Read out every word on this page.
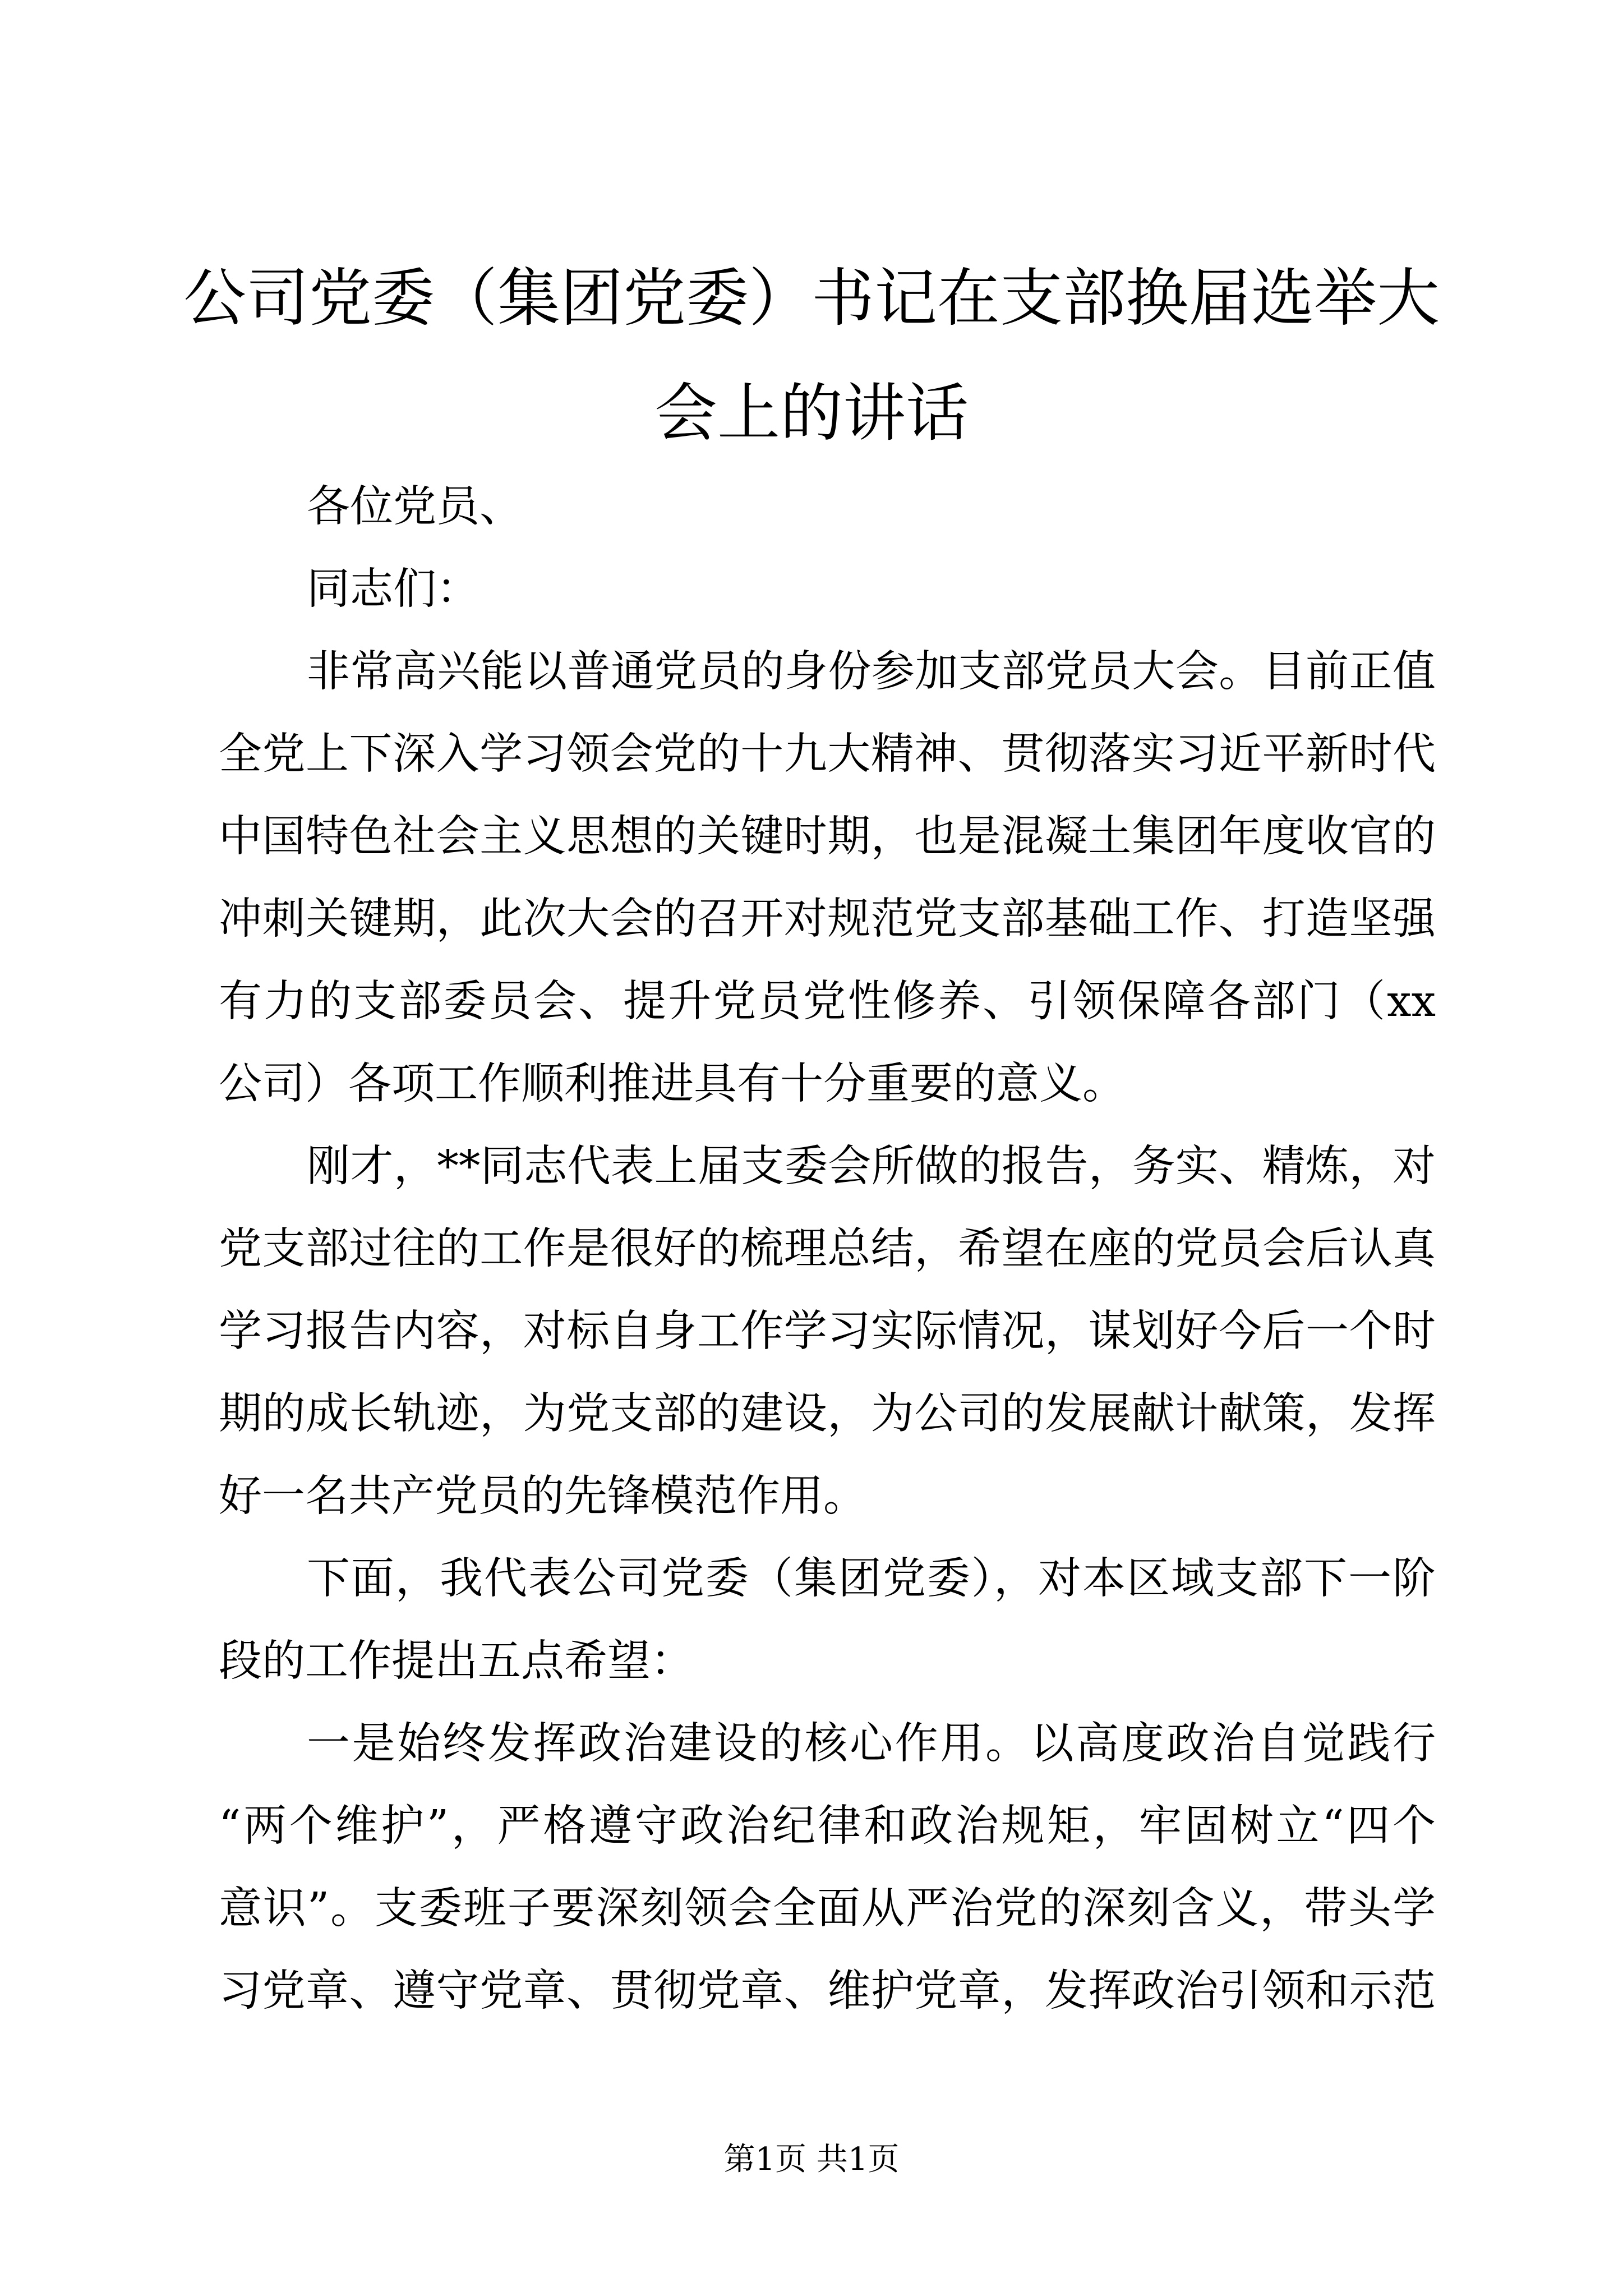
公司党委（集团党委）书记在支部换届选举大
会上的讲话
各位党员、
同志们：
非常高兴能以普通党员的身份参加支部党员大会。目前正值
全党上下深入学习领会党的十九大精神、贯彻落实习近平新时代
中国特色社会主义思想的关键时期，也是混凝土集团年度收官的
冲刺关键期，此次大会的召开对规范党支部基础工作、打造坚强
有力的支部委员会、提升党员党性修养、引领保障各部门（xx
公司）各项工作顺利推进具有十分重要的意义。
刚才，**同志代表上届支委会所做的报告，务实、精炼，对
党支部过往的工作是很好的梳理总结，希望在座的党员会后认真
学习报告内容，对标自身工作学习实际情况，谋划好今后一个时
期的成长轨迹，为党支部的建设，为公司的发展献计献策，发挥
好一名共产党员的先锋模范作用。
下面，我代表公司党委（集团党委），对本区域支部下一阶
段的工作提出五点希望：
一是始终发挥政治建设的核心作用。以高度政治自觉践行
“两个维护”，严格遵守政治纪律和政治规矩，牢固树立“四个
意识”。支委班子要深刻领会全面从严治党的深刻含义，带头学
习党章、遵守党章、贯彻党章、维护党章，发挥政治引领和示范
第1页 共1页
